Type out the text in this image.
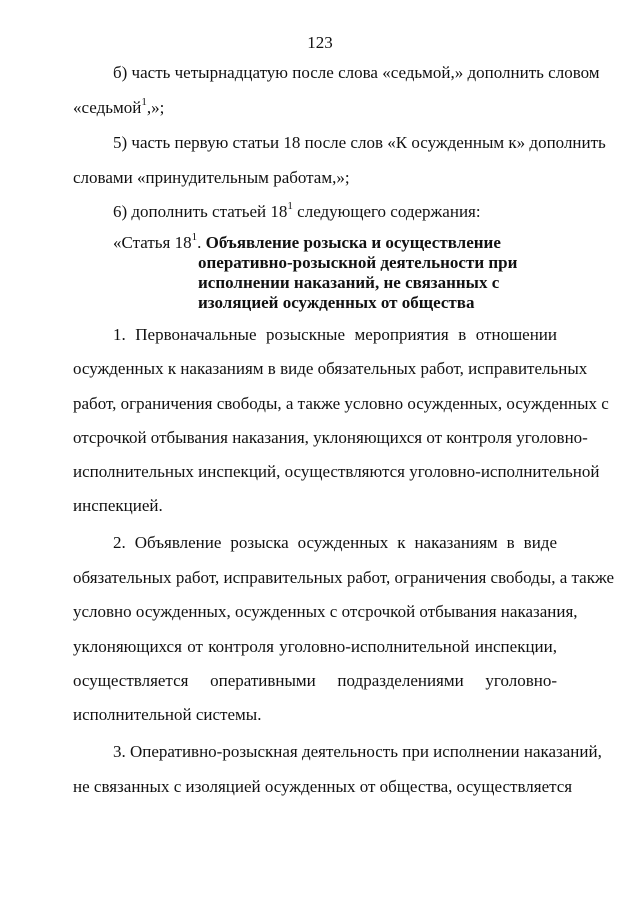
123
б) часть четырнадцатую после слова «седьмой,» дополнить словом
«седьмой$^1$,»;
5) часть первую статьи 18 после слов «К осужденным к» дополнить
словами «принудительным работам,»;
6) дополнить статьей $18^1$ следующего содержания:
«Статья $18^1$. Объявление розыска и осуществление
оперативно-розыскной деятельности при
исполнении наказаний, не связанных с
изоляцией осужденных от общества
1. Первоначальные розыскные мероприятия в отношении
осужденных к наказаниям в виде обязательных работ, исправительных
работ, ограничения свободы, а также условно осужденных, осужденных с
отсрочкой отбывания наказания, уклоняющихся от контроля уголовно-
исполнительных инспекций, осуществляются уголовно-исполнительной
инспекцией.
2. Объявление розыска осужденных к наказаниям в виде
обязательных работ, исправительных работ, ограничения свободы, а также
условно осужденных, осужденных с отсрочкой отбывания наказания,
уклоняющихся от контроля уголовно-исполнительной инспекции,
осуществляется оперативными подразделениями уголовно-
исполнительной системы.
3. Оперативно-розыскная деятельность при исполнении наказаний,
не связанных с изоляцией осужденных от общества, осуществляется
